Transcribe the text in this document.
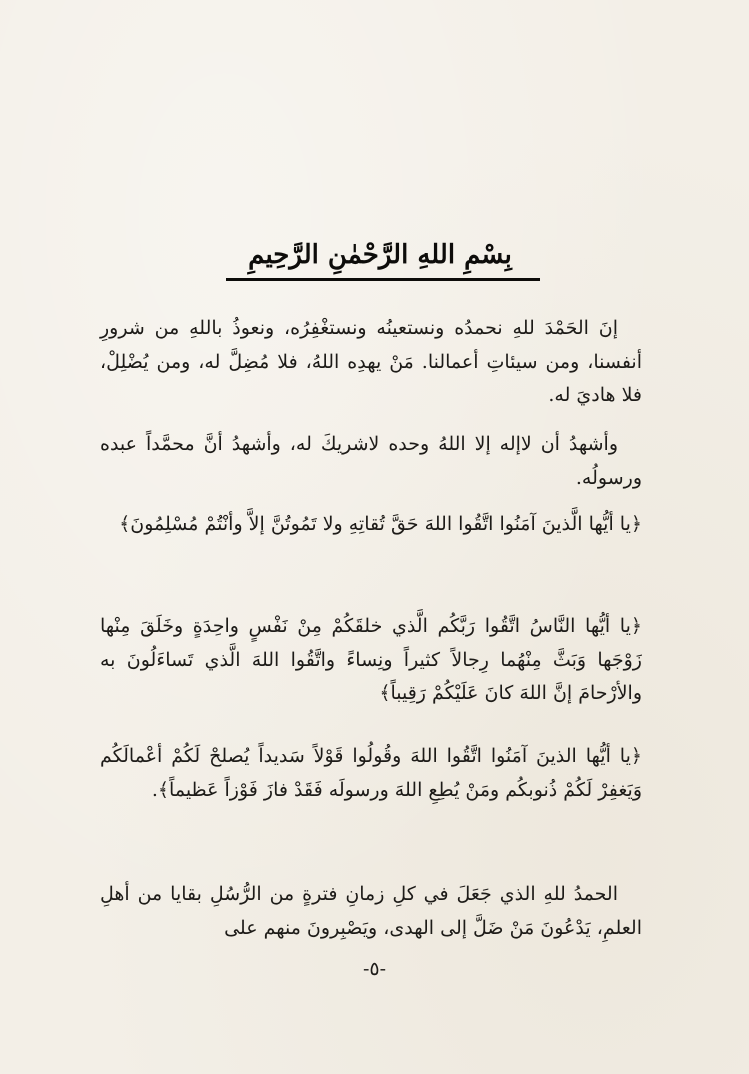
بِسْمِ اللهِ الرَّحْمٰنِ الرَّحِيمِ

إنَ الحَمْدَ للهِ نحمدُه ونستعينُه ونستغْفِرُه، ونعوذُ باللهِ من شرورِ أنفسنا، ومن سيئاتِ أعمالنا. مَنْ يهدِه اللهُ، فلا مُضِلَّ له، ومن يُضْلِلْ، فلا هاديَ له.

وأشهدُ أن لاإله إلا اللهُ وحده لاشريكَ له، وأشهدُ أنَّ محمَّداً عبده ورسولُه.

﴿يا أيُّها الَّذينَ آمَنُوا اتَّقُوا اللهَ حَقَّ تُقاتِهِ ولا تَمُوتُنَّ إلاَّ وأنْتُمْ مُسْلِمُونَ﴾

﴿يا أيُّها النَّاسُ اتَّقُوا رَبَّكُم الَّذي خلقَكُمْ مِنْ نَفْسٍ واحِدَةٍ وخَلَقَ مِنْها زَوْجَها وَبَثَّ مِنْهُما رِجالاً كثيراً ونِساءً واتَّقُوا اللهَ الَّذي تَساءَلُونَ به والأرْحامَ إنَّ اللهَ كانَ عَلَيْكُمْ رَقِيباً﴾

﴿يا أيُّها الذينَ آمَنُوا اتَّقُوا اللهَ وقُولُوا قَوْلاً سَديداً يُصلحْ لَكُمْ أعْمالَكُم وَيَغفِرْ لَكُمْ ذُنوبكُم ومَنْ يُطِعِ اللهَ ورسولَه فَقَدْ فازَ فَوْزاً عَظيماً﴾.

الحمدُ للهِ الذي جَعَلَ في كلِ زمانِ فترةٍ من الرُّسُلِ بقايا من أهلِ العلمِ، يَدْعُونَ مَنْ ضَلَّ إلى الهدى، ويَصْبِرونَ منهم على

-٥-
